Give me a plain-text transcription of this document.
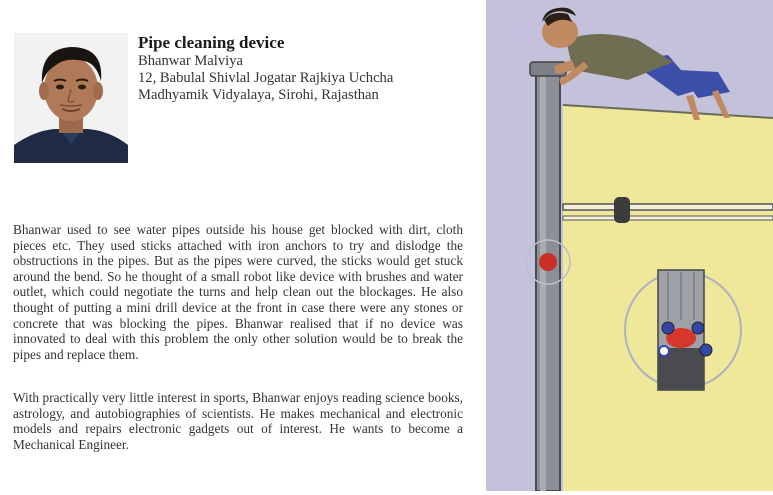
Pipe cleaning device
Bhanwar Malviya
12, Babulal Shivlal Jogatar Rajkiya Uchcha
Madhyamik Vidyalaya, Sirohi, Rajasthan
Bhanwar used to see water pipes outside his house get blocked with dirt, cloth pieces etc. They used sticks attached with iron anchors to try and dislodge the obstructions in the pipes. But as the pipes were curved, the sticks would get stuck around the bend. So he thought of a small robot like device with brushes and water outlet, which could negotiate the turns and help clean out the blockages. He also thought of putting a mini drill device at the front in case there were any stones or concrete that was blocking the pipes. Bhanwar realised that if no device was innovated to deal with this problem the only other solution would be to break the pipes and replace them.
With practically very little interest in sports, Bhanwar enjoys reading science books, astrology, and autobiographies of scientists. He makes mechanical and electronic models and repairs electronic gadgets out of interest. He wants to become a Mechanical Engineer.
